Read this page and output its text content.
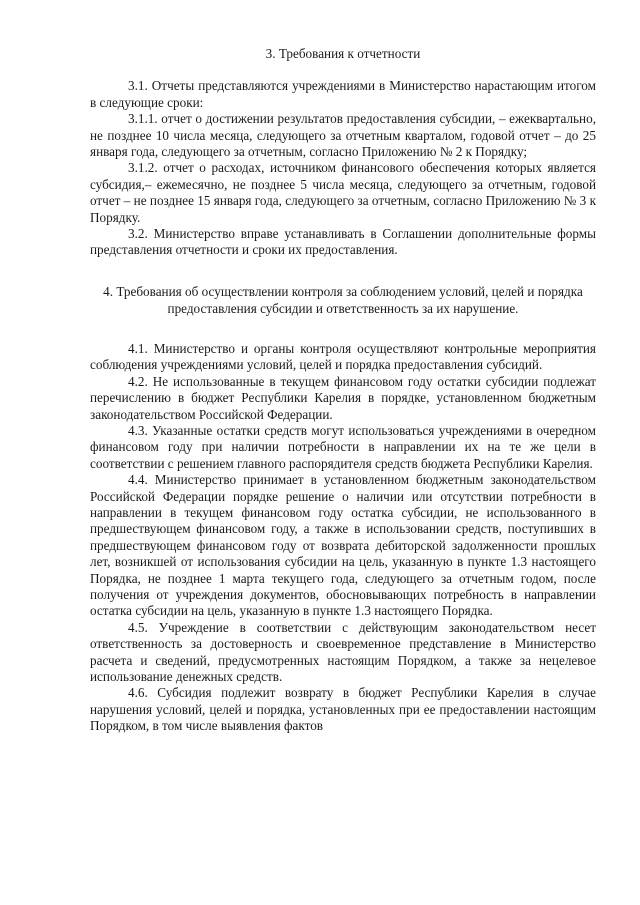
3. Требования к отчетности

3.1. Отчеты представляются учреждениями в Министерство нарастающим итогом в следующие сроки:

3.1.1. отчет о достижении результатов предоставления субсидии, – ежеквартально, не позднее 10 числа месяца, следующего за отчетным кварталом, годовой отчет – до 25 января года, следующего за отчетным, согласно Приложению № 2 к Порядку;

3.1.2. отчет о расходах, источником финансового обеспечения которых является субсидия,– ежемесячно, не позднее 5 числа месяца, следующего за отчетным, годовой отчет – не позднее 15 января года, следующего за отчетным, согласно Приложению № 3 к Порядку.

3.2. Министерство вправе устанавливать в Соглашении дополнительные формы представления отчетности и сроки их предоставления.

4. Требования об осуществлении контроля за соблюдением условий, целей и порядка предоставления субсидии и ответственность за их нарушение.

4.1. Министерство и органы контроля осуществляют контрольные мероприятия соблюдения учреждениями условий, целей и порядка предоставления субсидий.

4.2. Не использованные в текущем финансовом году остатки субсидии подлежат перечислению в бюджет Республики Карелия в порядке, установленном бюджетным законодательством Российской Федерации.

4.3. Указанные остатки средств могут использоваться учреждениями в очередном финансовом году при наличии потребности в направлении их на те же цели в соответствии с решением главного распорядителя средств бюджета Республики Карелия.

4.4. Министерство принимает в установленном бюджетным законодательством Российской Федерации порядке решение о наличии или отсутствии потребности в направлении в текущем финансовом году остатка субсидии, не использованного в предшествующем финансовом году, а также в использовании средств, поступивших в предшествующем финансовом году от возврата дебиторской задолженности прошлых лет, возникшей от использования субсидии на цель, указанную в пункте 1.3 настоящего Порядка, не позднее 1 марта текущего года, следующего за отчетным годом, после получения от учреждения документов, обосновывающих потребность в направлении остатка субсидии на цель, указанную в пункте 1.3 настоящего Порядка.

4.5. Учреждение в соответствии с действующим законодательством несет ответственность за достоверность и своевременное представление в Министерство расчета и сведений, предусмотренных настоящим Порядком, а также за нецелевое использование денежных средств.

4.6. Субсидия подлежит возврату в бюджет Республики Карелия в случае нарушения условий, целей и порядка, установленных при ее предоставлении настоящим Порядком, в том числе выявления фактов
